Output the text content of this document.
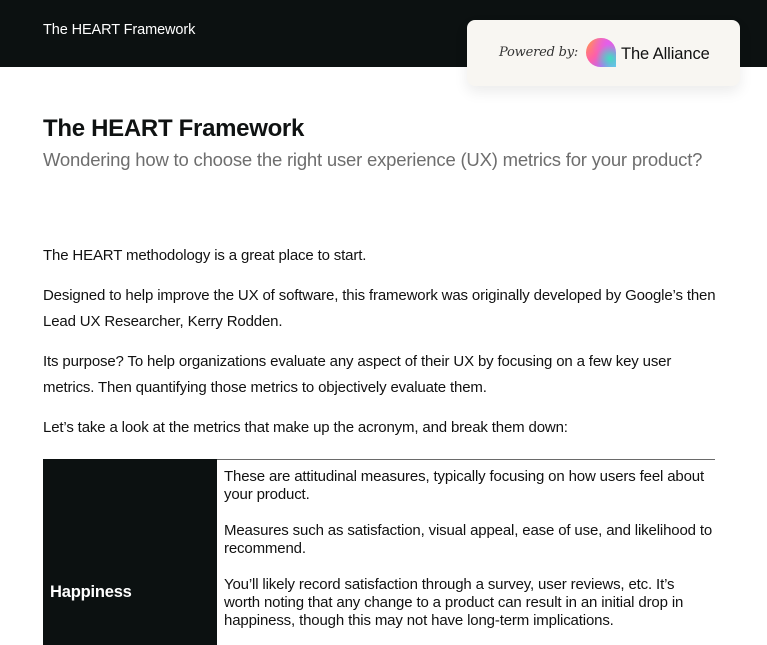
The HEART Framework
Powered by:	The Alliance
The HEART Framework
Wondering how to choose the right user experience (UX) metrics for your product?

The HEART methodology is a great place to start.

Designed to help improve the UX of software, this framework was originally developed by Google’s then Lead UX Researcher, Kerry Rodden.

Its purpose? To help organizations evaluate any aspect of their UX by focusing on a few key user metrics. Then quantifying those metrics to objectively evaluate them.

Let’s take a look at the metrics that make up the acronym, and break them down:

Happiness

These are attitudinal measures, typically focusing on how users feel about your product.

Measures such as satisfaction, visual appeal, ease of use, and likelihood to recommend.

You’ll likely record satisfaction through a survey, user reviews, etc. It’s worth noting that any change to a product can result in an initial drop in happiness, though this may not have long-term implications.
